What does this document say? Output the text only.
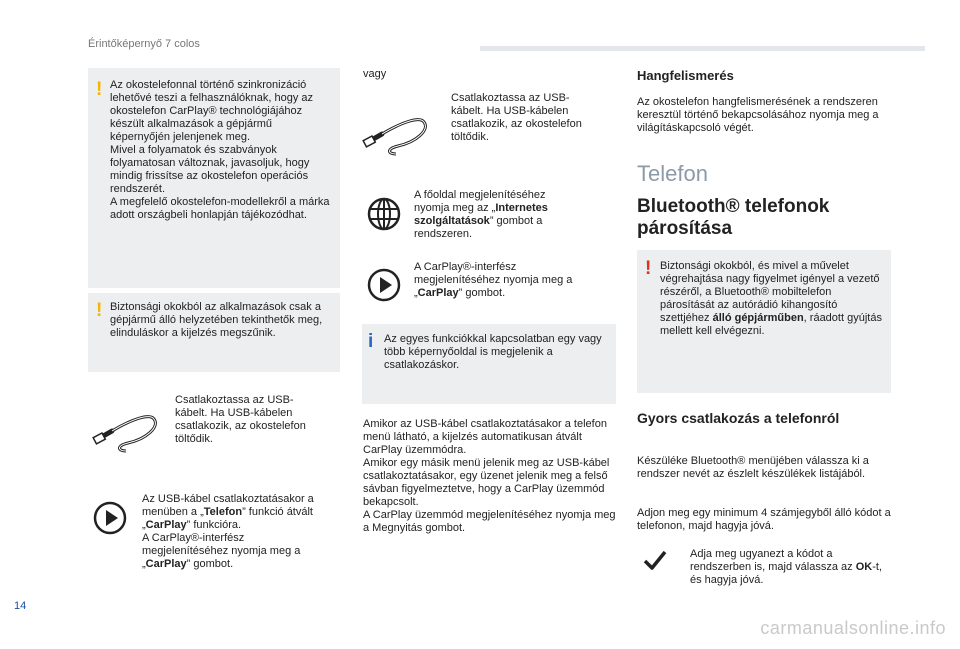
Érintőképernyő 7 colos
! Az okostelefonnal történő szinkronizáció lehetővé teszi a felhasználóknak, hogy az okostelefon CarPlay® technológiájához készült alkalmazások a gépjármű képernyőjén jelenjenek meg.
Mivel a folyamatok és szabványok folyamatosan változnak, javasoljuk, hogy mindig frissítse az okostelefon operációs rendszerét.
A megfelelő okostelefon-modellekről a márka adott országbeli honlapján tájékozódhat.
! Biztonsági okokból az alkalmazások csak a gépjármű álló helyzetében tekinthetők meg, elinduláskor a kijelzés megszűnik.
Csatlakoztassa az USB-kábelt. Ha USB-kábelen csatlakozik, az okostelefon töltődik.
Az USB-kábel csatlakoztatásakor a menüben a „Telefon” funkció átvált „CarPlay” funkcióra.
A CarPlay®-interfész megjelenítéséhez nyomja meg a „CarPlay” gombot.
vagy
Csatlakoztassa az USB-kábelt. Ha USB-kábelen csatlakozik, az okostelefon töltődik.
A főoldal megjelenítéséhez nyomja meg az „Internetes szolgáltatások” gombot a rendszeren.
A CarPlay®-interfész megjelenítéséhez nyomja meg a „CarPlay” gombot.
i Az egyes funkciókkal kapcsolatban egy vagy több képernyőoldal is megjelenik a csatlakozáskor.
Amikor az USB-kábel csatlakoztatásakor a telefon menü látható, a kijelzés automatikusan átvált CarPlay üzemmódra.
Amikor egy másik menü jelenik meg az USB-kábel csatlakoztatásakor, egy üzenet jelenik meg a felső sávban figyelmeztetve, hogy a CarPlay üzemmód bekapcsolt.
A CarPlay üzemmód megjelenítéséhez nyomja meg a Megnyitás gombot.
Hangfelismerés
Az okostelefon hangfelismerésének a rendszeren keresztül történő bekapcsolásához nyomja meg a világításkapcsoló végét.
Telefon
Bluetooth® telefonok párosítása
! Biztonsági okokból, és mivel a művelet végrehajtása nagy figyelmet igényel a vezető részéről, a Bluetooth® mobiltelefon párosítását az autórádió kihangosító szettjéhez álló gépjárműben, ráadott gyújtás mellett kell elvégezni.
Gyors csatlakozás a telefonról
Készüléke Bluetooth® menüjében válassza ki a rendszer nevét az észlelt készülékek listájából.
Adjon meg egy minimum 4 számjegyből álló kódot a telefonon, majd hagyja jóvá.
Adja meg ugyanezt a kódot a rendszerben is, majd válassza az OK-t, és hagyja jóvá.
14
carmanualsonline.info
